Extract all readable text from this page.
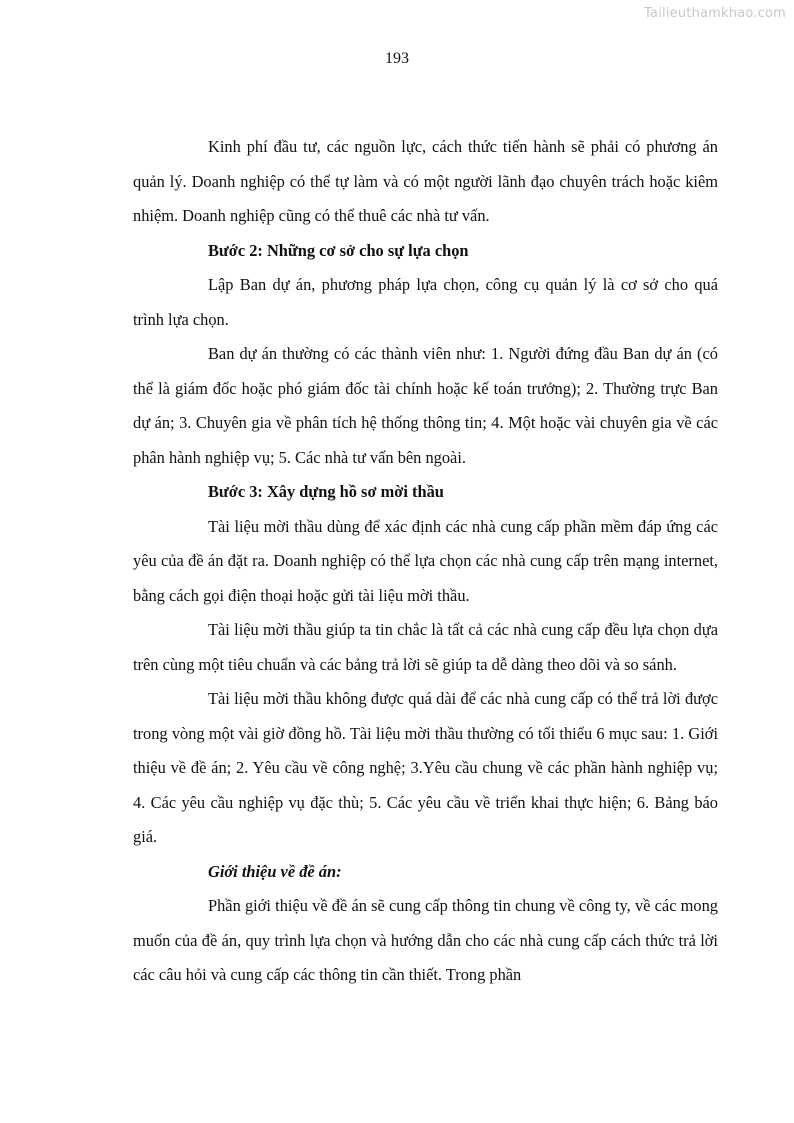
Tailieuthamkhao.com
193

Kinh phí đầu tư, các nguồn lực, cách thức tiến hành sẽ phải có phương án quản lý. Doanh nghiệp có thể tự làm và có một người lãnh đạo chuyên trách hoặc kiêm nhiệm. Doanh nghiệp cũng có thể thuê các nhà tư vấn.

Bước 2: Những cơ sở cho sự lựa chọn

Lập Ban dự án, phương pháp lựa chọn, công cụ quản lý là cơ sở cho quá trình lựa chọn.

Ban dự án thường có các thành viên như: 1. Người đứng đầu Ban dự án (có thể là giám đốc hoặc phó giám đốc tài chính hoặc kế toán trưởng); 2. Thường trực Ban dự án; 3. Chuyên gia về phân tích hệ thống thông tin; 4. Một hoặc vài chuyên gia về các phân hành nghiệp vụ; 5. Các nhà tư vấn bên ngoài.

Bước 3: Xây dựng hồ sơ mời thầu

Tài liệu mời thầu dùng để xác định các nhà cung cấp phần mềm đáp ứng các yêu của đề án đặt ra. Doanh nghiệp có thể lựa chọn các nhà cung cấp trên mạng internet, bằng cách gọi điện thoại hoặc gửi tài liệu mời thầu.

Tài liệu mời thầu giúp ta tin chắc là tất cả các nhà cung cấp đều lựa chọn dựa trên cùng một tiêu chuẩn và các bảng trả lời sẽ giúp ta dễ dàng theo dõi và so sánh.

Tài liệu mời thầu không được quá dài để các nhà cung cấp có thể trả lời được trong vòng một vài giờ đồng hồ. Tài liệu mời thầu thường có tối thiểu 6 mục sau: 1. Giới thiệu về đề án; 2. Yêu cầu về công nghệ; 3.Yêu cầu chung về các phần hành nghiệp vụ; 4. Các yêu cầu nghiệp vụ đặc thù; 5. Các yêu cầu về triển khai thực hiện; 6. Bảng báo giá.

Giới thiệu về đề án:

Phần giới thiệu về đề án sẽ cung cấp thông tin chung về công ty, về các mong muốn của đề án, quy trình lựa chọn và hướng dẫn cho các nhà cung cấp cách thức trả lời các câu hỏi và cung cấp các thông tin cần thiết. Trong phần
